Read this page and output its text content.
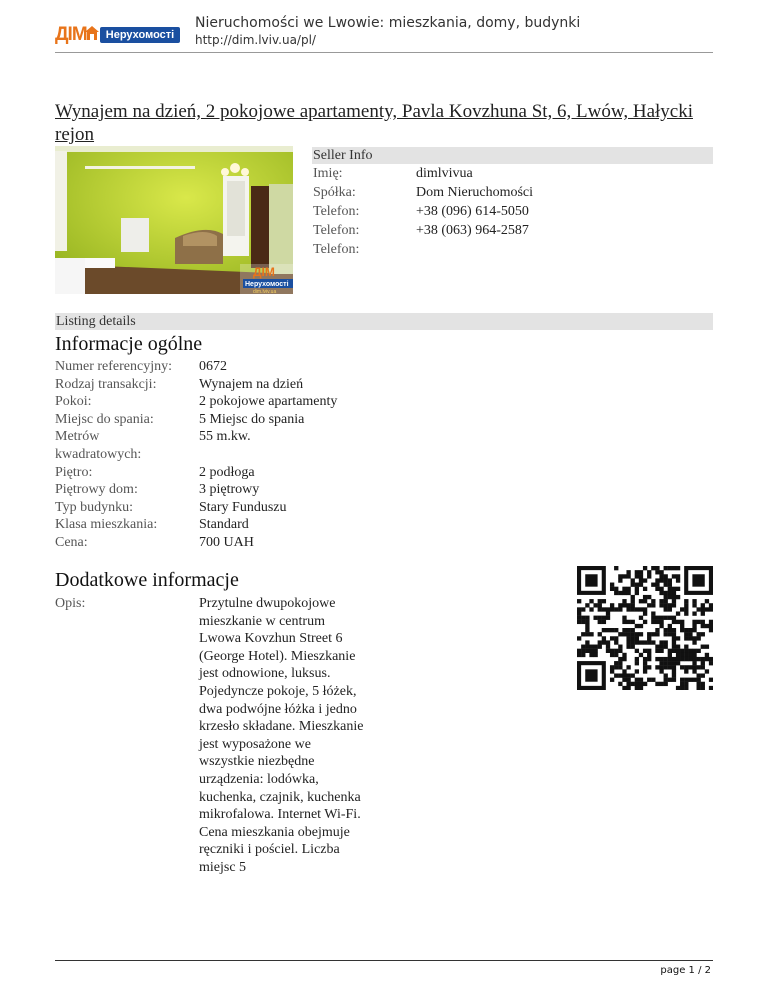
ДІМ	Нерухомості
Nieruchomości we Lwowie: mieszkania, domy, budynki
http://dim.lviv.ua/pl/
Wynajem na dzień, 2 pokojowe apartamenty, Pavla Kovzhuna St, 6, Lwów, Hałycki rejon
ДІМ
Нерухомості
dim.lviv.ua
Seller Info
Imię:	dimlvivua
Spółka:	Dom Nieruchomości
Telefon:	+38 (096) 614-5050
Telefon:	+38 (063) 964-2587
Telefon:
Listing details
Informacje ogólne
Numer referencyjny:	0672
Rodzaj transakcji:	Wynajem na dzień
Pokoi:	2 pokojowe apartamenty
Miejsc do spania:	5 Miejsc do spania
Metrów kwadratowych:
55 m.kw.
Piętro:	2 podłoga
Piętrowy dom:	3 piętrowy
Typ budynku:	Stary Funduszu
Klasa mieszkania:	Standard
Cena:	700 UAH
Dodatkowe informacje
Opis:	Przytulne dwupokojowe mieszkanie w centrum Lwowa Kovzhun Street 6 (George Hotel). Mieszkanie jest odnowione, luksus. Pojedyncze pokoje, 5 łóżek, dwa podwójne łóżka i jedno krzesło składane. Mieszkanie jest wyposażone we wszystkie niezbędne urządzenia: lodówka, kuchenka, czajnik, kuchenka mikrofalowa. Internet Wi-Fi. Cena mieszkania obejmuje ręczniki i pościel. Liczba miejsc 5
page 1 / 2
